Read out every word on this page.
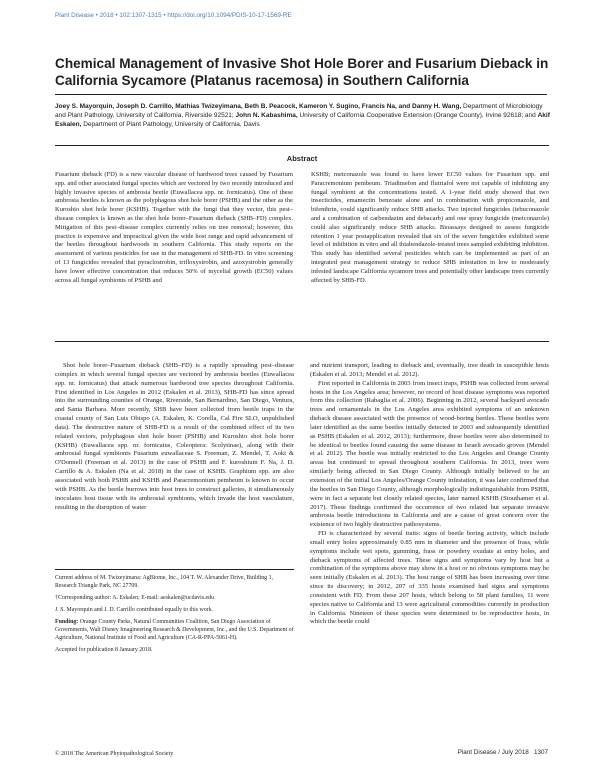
Plant Disease • 2018 • 102:1307-1315 • https://doi.org/10.1094/PDIS-10-17-1569-RE
Chemical Management of Invasive Shot Hole Borer and Fusarium Dieback in California Sycamore (Platanus racemosa) in Southern California
Joey S. Mayorquin, Joseph D. Carrillo, Mathias Twizeyimana, Beth B. Peacock, Kameron Y. Sugino, Francis Na, and Danny H. Wang, Department of Microbiology and Plant Pathology, University of California, Riverside 92521; John N. Kabashima, University of California Cooperative Extension (Orange County), Irvine 92618; and Akif Eskalen, Department of Plant Pathology, University of California, Davis
Abstract
Fusarium dieback (FD) is a new vascular disease of hardwood trees caused by Fusarium spp. and other associated fungal species which are vectored by two recently introduced and highly invasive species of ambrosia beetle (Euwallacea spp. nr. fornicatus). One of these ambrosia beetles is known as the polyphagous shot hole borer (PSHB) and the other as the Kuroshio shot hole borer (KSHB). Together with the fungi that they vector, this pest–disease complex is known as the shot hole borer–Fusarium dieback (SHB–FD) complex. Mitigation of this pest–disease complex currently relies on tree removal; however, this practice is expensive and impractical given the wide host range and rapid advancement of the beetles throughout hardwoods in southern California. This study reports on the assessment of various pesticides for use in the management of SHB-FD. In vitro screening of 13 fungicides revealed that pyraclostrobin, trifloxystrobin, and azoxystrobin generally have lower effective concentration that reduces 50% of mycelial growth (EC50) values across all fungal symbionts of PSHB and
KSHB; metconazole was found to have lower EC50 values for Fusarium spp. and Paracremonium pembeum. Triadimefon and flutriafol were not capable of inhibiting any fungal symbiont at the concentrations tested. A 1-year field study showed that two insecticides, emamectin benzoate alone and in combination with propiconazole, and bifenthrin, could significantly reduce SHB attacks. Two injected fungicides (tebuconazole and a combination of carbendazim and debacarb) and one spray fungicide (metconazole) could also significantly reduce SHB attacks. Bioassays designed to assess fungicide retention 1 year postapplication revealed that six of the seven fungicides exhibited some level of inhibition in vitro and all thiabendazole-treated trees sampled exhibiting inhibition. This study has identified several pesticides which can be implemented as part of an integrated pest management strategy to reduce SHB infestation in low to moderately infested landscape California sycamore trees and potentially other landscape trees currently affected by SHB-FD.

Shot hole borer–Fusarium dieback (SHB–FD) is a rapidly spreading pest–disease complex in which several fungal species are vectored by ambrosia beetles (Euwallacea spp. nr. fornicatus) that attack numerous hardwood tree species throughout California. First identified in Los Angeles in 2012 (Eskalen et al. 2013), SHB-FD has since spread into the surrounding counties of Orange, Riverside, San Bernardino, San Diego, Ventura, and Santa Barbara. More recently, SHB have been collected from beetle traps in the coastal county of San Luis Obispo (A. Eskalen, K. Corella, Cal Fire SLO, unpublished data). The destructive nature of SHB-FD is a result of the combined effect of its two related vectors, polyphagous shot hole borer (PSHB) and Kuroshio shot hole borer (KSHB) (Euwallacea spp. nr. fornicatus, Coleoptera: Scolytinae), along with their ambrosial fungal symbionts Fusarium euwallaceae S. Freeman, Z. Mendel, T. Aoki & O'Donnell (Freeman et al. 2013) in the case of PSHB and F. kuroshium F. Na, J. D. Carrillo & A. Eskalen (Na et al. 2018) in the case of KSHB. Graphium spp. are also associated with both PSHB and KSHB and Paracremonium pembeum is known to occur with PSHB. As the beetle burrows into host trees to construct galleries, it simultaneously inoculates host tissue with its ambrosial symbionts, which invade the host vasculature, resulting in the disruption of water

Current address of M. Twizeyimana: AgBiome, Inc., 104 T. W. Alexander Drive, Building 1, Research Triangle Park, NC 27709.

†Corresponding author: A. Eskalen; E-mail: aeskalen@ucdavis.edu

J. S. Mayorquin and J. D. Carrillo contributed equally to this work.

Funding: Orange County Parks, Natural Communities Coalition, San Diego Association of Governments, Walt Disney Imagineering Research & Development, Inc., and the U.S. Department of Agriculture, National Institute of Food and Agriculture (CA-R-PPA-5061-H).

Accepted for publication 8 January 2018.

and nutrient transport, leading to dieback and, eventually, tree death in susceptible hosts (Eskalen et al. 2013; Mendel et al. 2012).

First reported in California in 2003 from insect traps, PSHB was collected from several hosts in the Los Angeles area; however, no record of host disease symptoms was reported from this collection (Rabaglia et al. 2006). Beginning in 2012, several backyard avocado trees and ornamentals in the Los Angeles area exhibited symptoms of an unknown dieback disease associated with the presence of wood-boring beetles. These beetles were later identified as the same beetles initially detected in 2003 and subsequently identified as PSHB (Eskalen et al. 2012, 2013); furthermore, these beetles were also determined to be identical to beetles found causing the same disease in Israeli avocado groves (Mendel et al. 2012). The beetle was initially restricted to the Los Angeles and Orange County areas but continued to spread throughout southern California. In 2013, trees were similarly being affected in San Diego County. Although initially believed to be an extension of the initial Los Angeles/Orange County infestation, it was later confirmed that the beetles in San Diego County, although morphologically indistinguishable from PSHB, were in fact a separate but closely related species, later named KSHB (Stouthamer et al. 2017). These findings confirmed the occurrence of two related but separate invasive ambrosia beetle introductions in California and are a cause of great concern over the existence of two highly destructive pathosystems.

FD is characterized by several traits: signs of beetle boring activity, which include small entry holes approximately 0.85 mm in diameter and the presence of frass, while symptoms include wet spots, gumming, frass or powdery exudate at entry holes, and dieback symptoms of affected trees. These signs and symptoms vary by host but a combination of the symptoms above may show in a host or no obvious symptoms may be seen initially (Eskalen et al. 2013). The host range of SHB has been increasing over time since its discovery; in 2012, 207 of 335 hosts examined had signs and symptoms consistent with FD. From these 207 hosts, which belong to 58 plant families, 11 were species native to California and 13 were agricultural commodities currently in production in California. Nineteen of these species were determined to be reproductive hosts, in which the beetle could

© 2018 The American Phytopathological Society	Plant Disease / July 2018 1307
